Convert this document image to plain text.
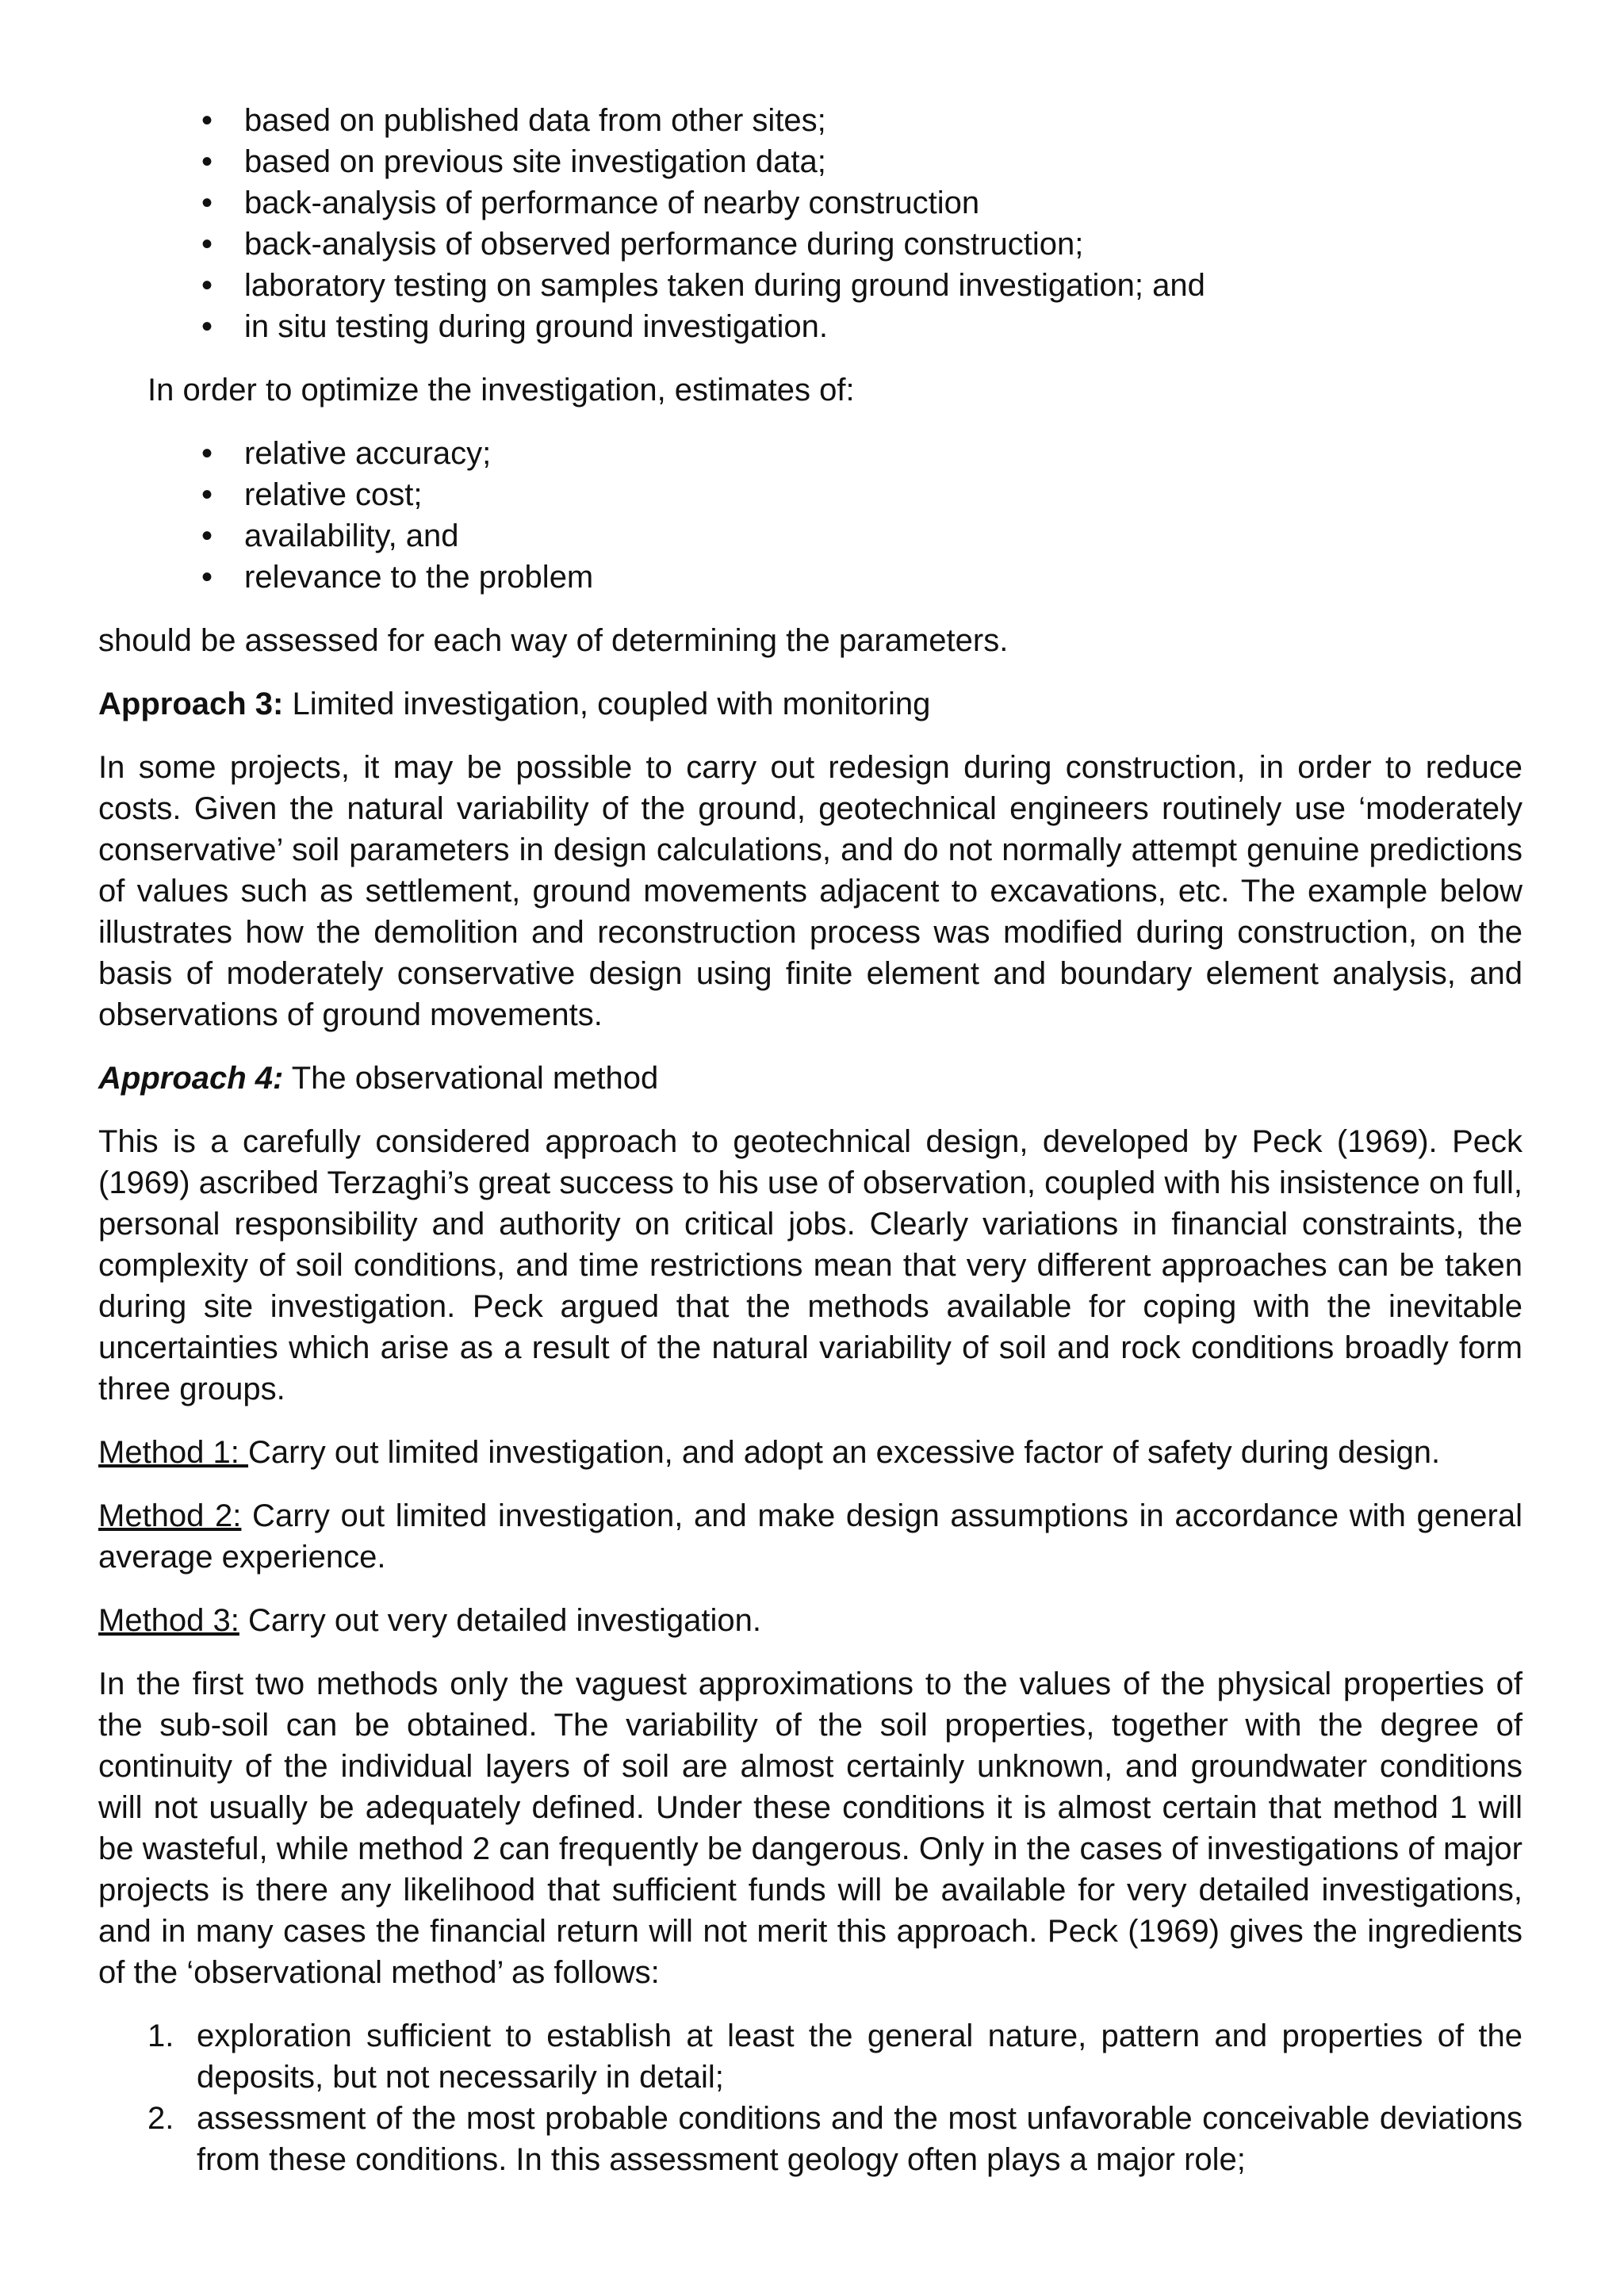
• based on published data from other sites;
• based on previous site investigation data;
• back-analysis of performance of nearby construction
• back-analysis of observed performance during construction;
• laboratory testing on samples taken during ground investigation; and
• in situ testing during ground investigation.

In order to optimize the investigation, estimates of:

• relative accuracy;
• relative cost;
• availability, and
• relevance to the problem

should be assessed for each way of determining the parameters.

Approach 3: Limited investigation, coupled with monitoring

In some projects, it may be possible to carry out redesign during construction, in order to reduce costs. Given the natural variability of the ground, geotechnical engineers routinely use ‘moderately conservative’ soil parameters in design calculations, and do not normally attempt genuine predictions of values such as settlement, ground movements adjacent to excavations, etc. The example below illustrates how the demolition and reconstruction process was modified during construction, on the basis of moderately conservative design using finite element and boundary element analysis, and observations of ground movements.

Approach 4: The observational method

This is a carefully considered approach to geotechnical design, developed by Peck (1969). Peck (1969) ascribed Terzaghi’s great success to his use of observation, coupled with his insistence on full, personal responsibility and authority on critical jobs. Clearly variations in financial constraints, the complexity of soil conditions, and time restrictions mean that very different approaches can be taken during site investigation. Peck argued that the methods available for coping with the inevitable uncertainties which arise as a result of the natural variability of soil and rock conditions broadly form three groups.

Method 1: Carry out limited investigation, and adopt an excessive factor of safety during design.

Method 2: Carry out limited investigation, and make design assumptions in accordance with general average experience.

Method 3: Carry out very detailed investigation.

In the first two methods only the vaguest approximations to the values of the physical properties of the sub-soil can be obtained. The variability of the soil properties, together with the degree of continuity of the individual layers of soil are almost certainly unknown, and groundwater conditions will not usually be adequately defined. Under these conditions it is almost certain that method 1 will be wasteful, while method 2 can frequently be dangerous. Only in the cases of investigations of major projects is there any likelihood that sufficient funds will be available for very detailed investigations, and in many cases the financial return will not merit this approach. Peck (1969) gives the ingredients of the ‘observational method’ as follows:

1. exploration sufficient to establish at least the general nature, pattern and properties of the deposits, but not necessarily in detail;
2. assessment of the most probable conditions and the most unfavorable conceivable deviations from these conditions. In this assessment geology often plays a major role;
